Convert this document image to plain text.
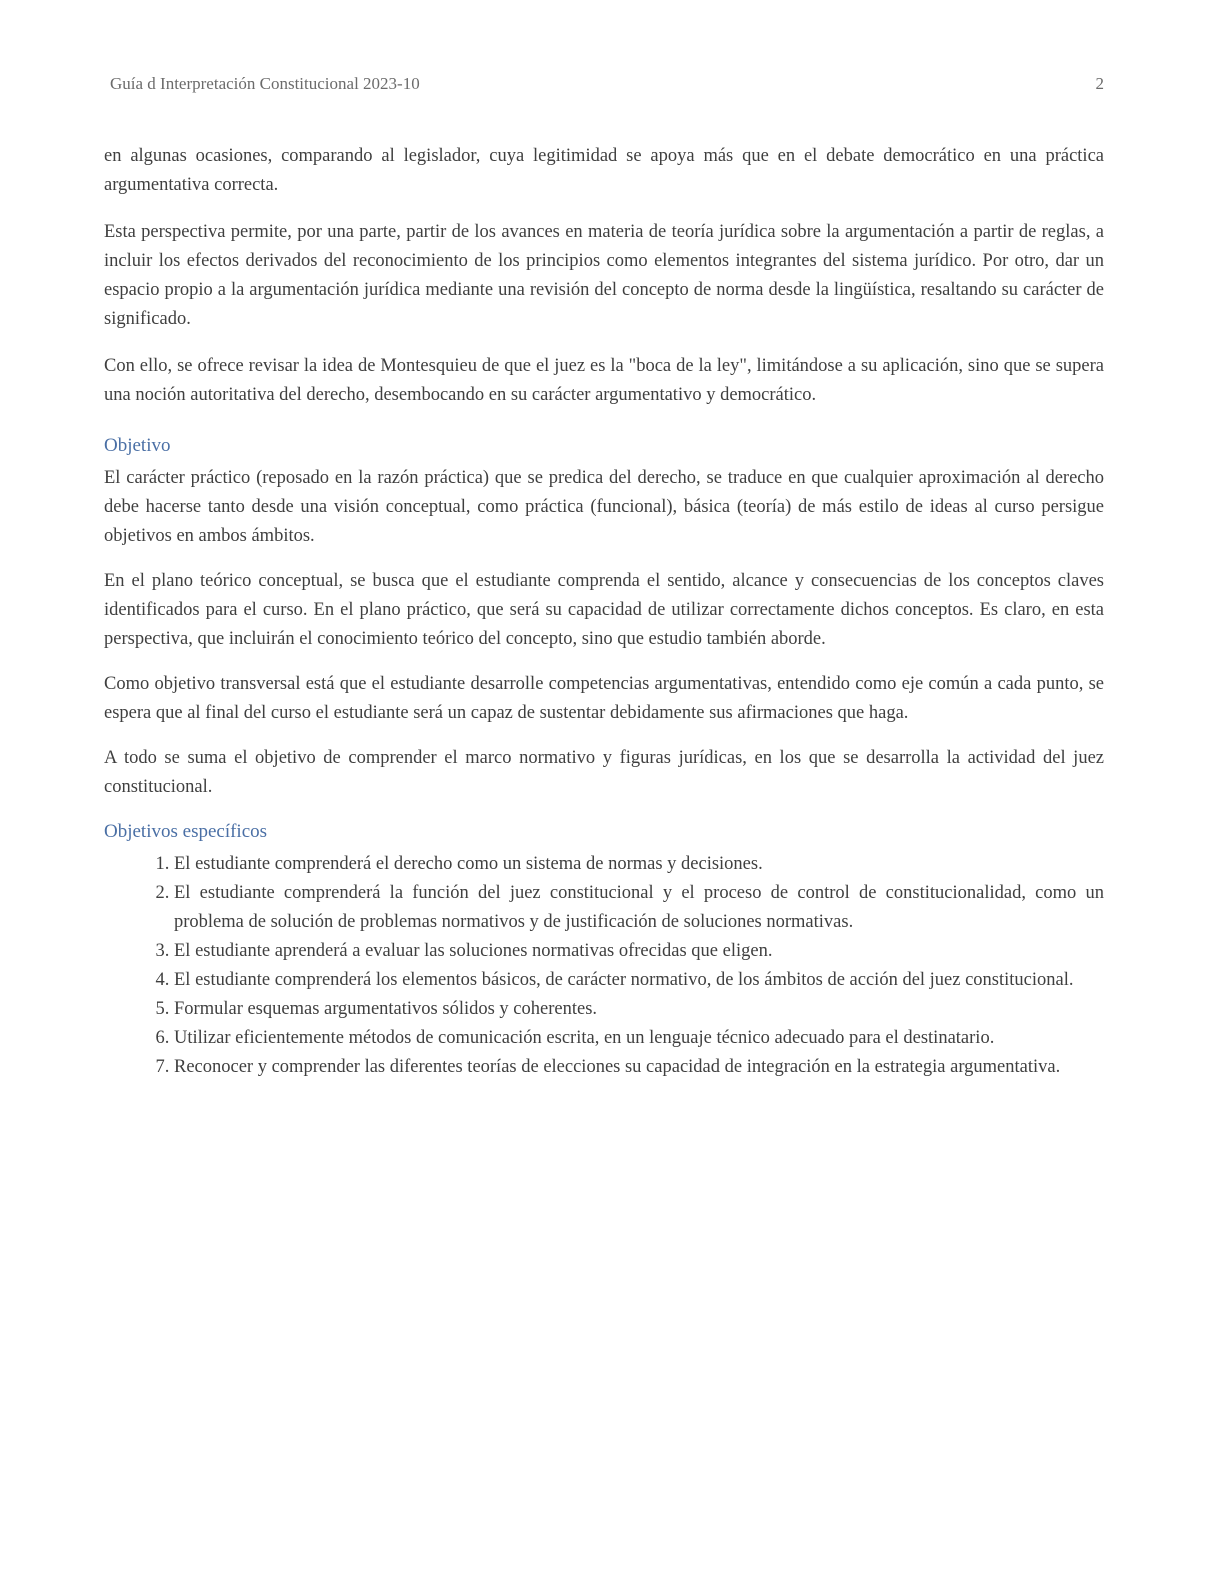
Guía d Interpretación Constitucional 2023-10	2

en algunas ocasiones, comparando al legislador, cuya legitimidad se apoya más que en el debate democrático en una práctica argumentativa correcta.

Esta perspectiva permite, por una parte, partir de los avances en materia de teoría jurídica sobre la argumentación a partir de reglas, a incluir los efectos derivados del reconocimiento de los principios como elementos integrantes del sistema jurídico. Por otro, dar un espacio propio a la argumentación jurídica mediante una revisión del concepto de norma desde la lingüística, resaltando su carácter de significado.

Con ello, se ofrece revisar la idea de Montesquieu de que el juez es la "boca de la ley", limitándose a su aplicación, sino que se supera una noción autoritativa del derecho, desembocando en su carácter argumentativo y democrático.

Objetivo

El carácter práctico (reposado en la razón práctica) que se predica del derecho, se traduce en que cualquier aproximación al derecho debe hacerse tanto desde una visión conceptual, como práctica (funcional), básica (teoría) de más estilo de ideas al curso persigue objetivos en ambos ámbitos.

En el plano teórico conceptual, se busca que el estudiante comprenda el sentido, alcance y consecuencias de los conceptos claves identificados para el curso. En el plano práctico, que será su capacidad de utilizar correctamente dichos conceptos. Es claro, en esta perspectiva, que incluirán el conocimiento teórico del concepto, sino que estudio también aborde.

Como objetivo transversal está que el estudiante desarrolle competencias argumentativas, entendido como eje común a cada punto, se espera que al final del curso el estudiante será un capaz de sustentar debidamente sus afirmaciones que haga.

A todo se suma el objetivo de comprender el marco normativo y figuras jurídicas, en los que se desarrolla la actividad del juez constitucional.

Objetivos específicos
1. El estudiante comprenderá el derecho como un sistema de normas y decisiones.
2. El estudiante comprenderá la función del juez constitucional y el proceso de control de constitucionalidad, como un problema de solución de problemas normativos y de justificación de soluciones normativas.
3. El estudiante aprenderá a evaluar las soluciones normativas ofrecidas que eligen.
4. El estudiante comprenderá los elementos básicos, de carácter normativo, de los ámbitos de acción del juez constitucional.
5. Formular esquemas argumentativos sólidos y coherentes.
6. Utilizar eficientemente métodos de comunicación escrita, en un lenguaje técnico adecuado para el destinatario.
7. Reconocer y comprender las diferentes teorías de elecciones su capacidad de integración en la estrategia argumentativa.
